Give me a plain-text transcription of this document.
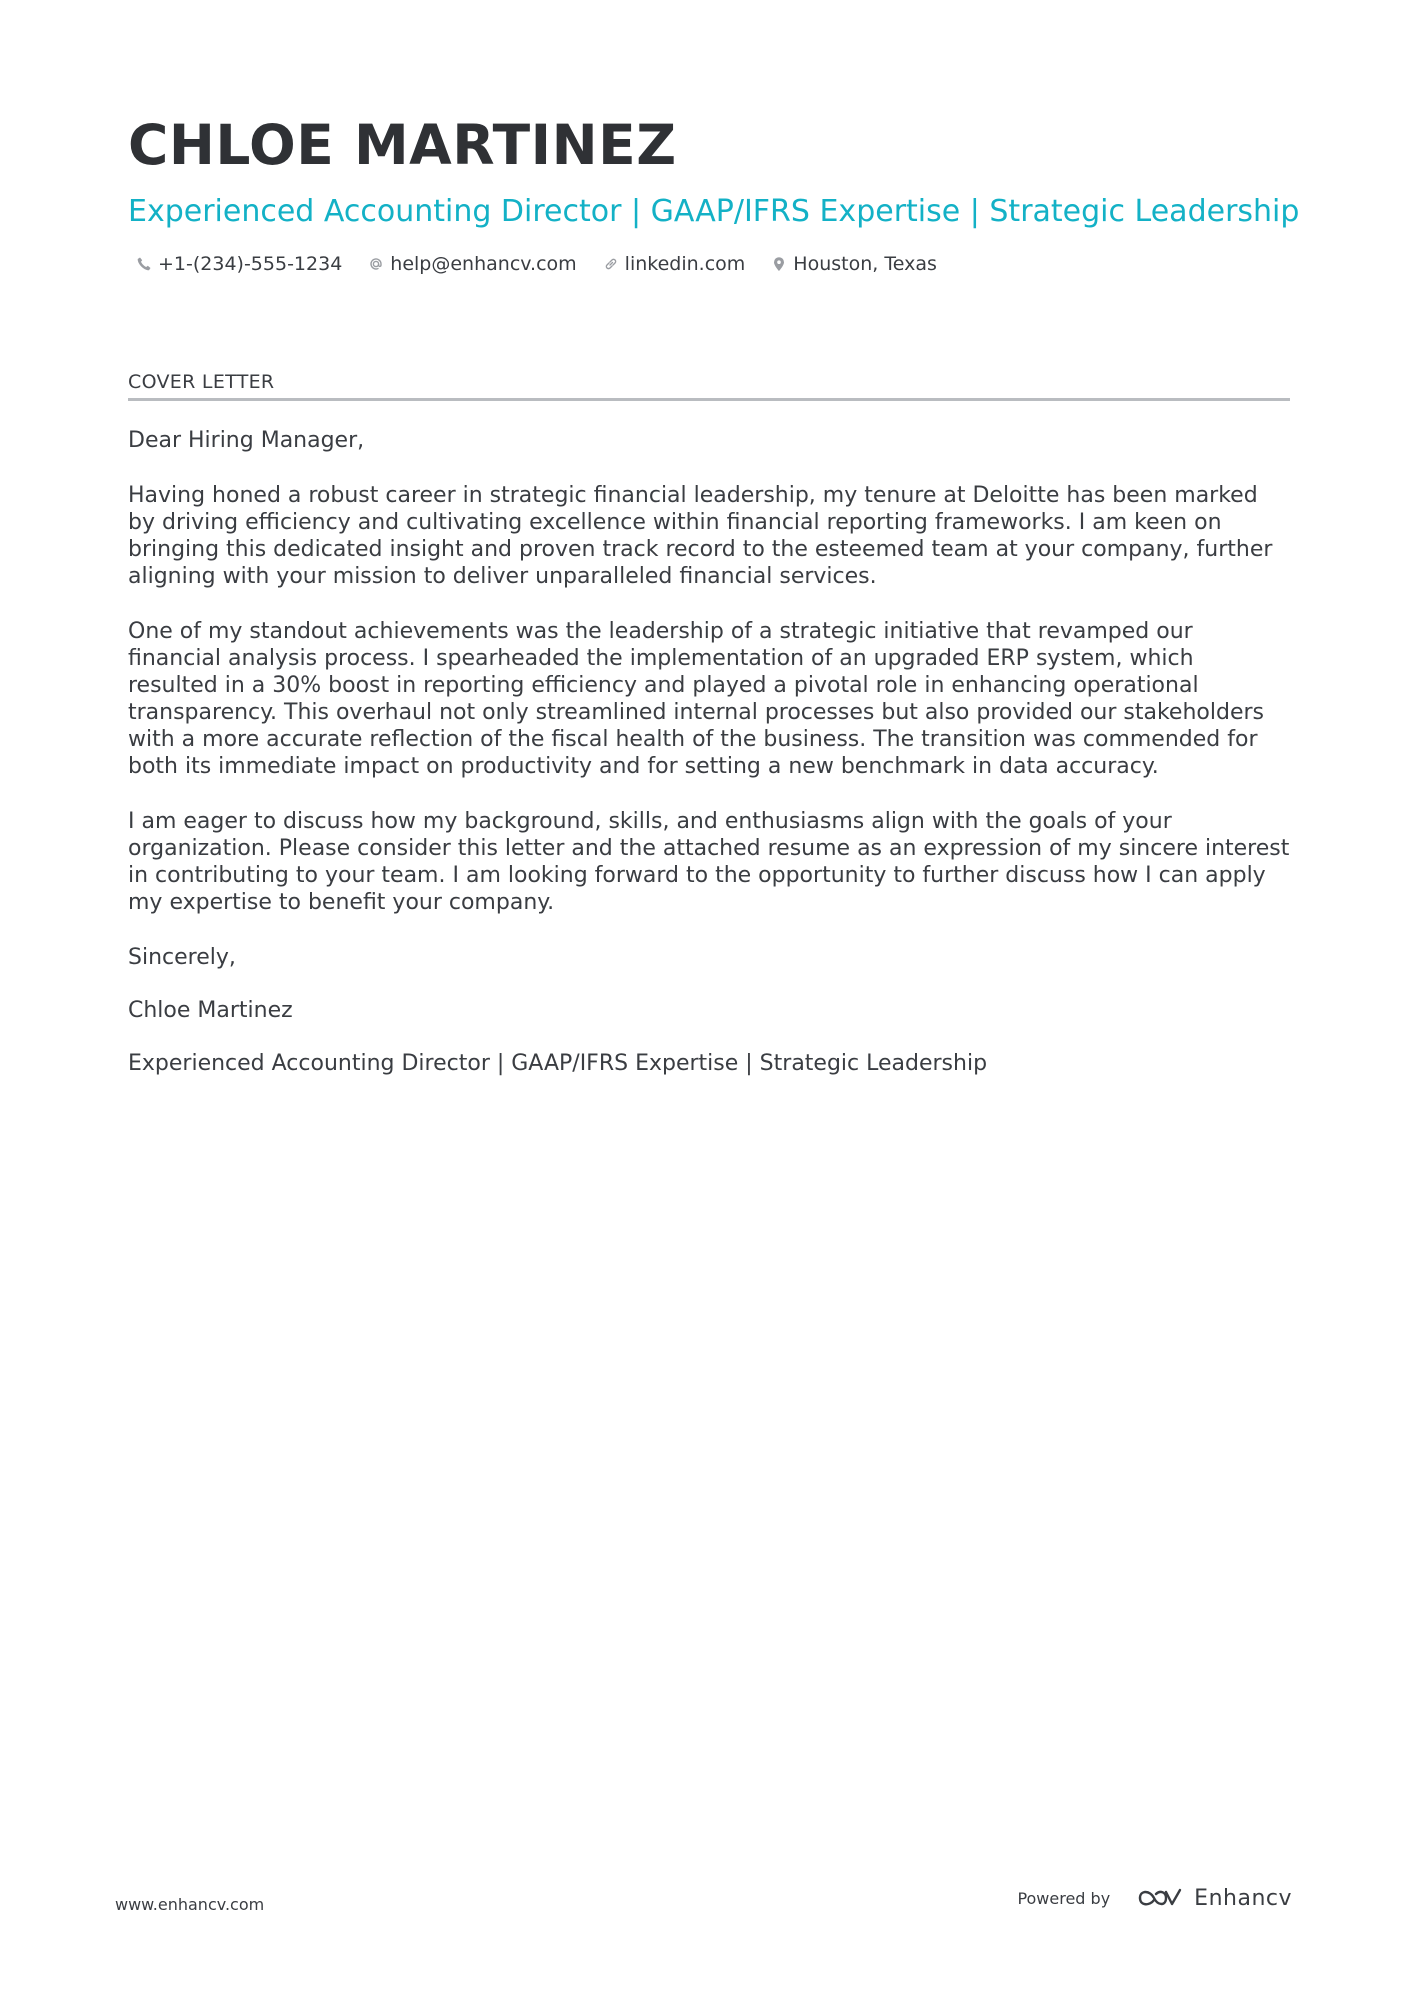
CHLOE MARTINEZ
Experienced Accounting Director | GAAP/IFRS Expertise | Strategic Leadership
+1-(234)-555-1234	help@enhancv.com	linkedin.com	Houston, Texas
COVER LETTER

Dear Hiring Manager,

Having honed a robust career in strategic financial leadership, my tenure at Deloitte has been marked by driving efficiency and cultivating excellence within financial reporting frameworks. I am keen on bringing this dedicated insight and proven track record to the esteemed team at your company, further aligning with your mission to deliver unparalleled financial services.

One of my standout achievements was the leadership of a strategic initiative that revamped our financial analysis process. I spearheaded the implementation of an upgraded ERP system, which resulted in a 30% boost in reporting efficiency and played a pivotal role in enhancing operational transparency. This overhaul not only streamlined internal processes but also provided our stakeholders with a more accurate reflection of the fiscal health of the business. The transition was commended for both its immediate impact on productivity and for setting a new benchmark in data accuracy.

I am eager to discuss how my background, skills, and enthusiasms align with the goals of your organization. Please consider this letter and the attached resume as an expression of my sincere interest in contributing to your team. I am looking forward to the opportunity to further discuss how I can apply my expertise to benefit your company.

Sincerely,

Chloe Martinez

Experienced Accounting Director | GAAP/IFRS Expertise | Strategic Leadership

www.enhancv.com	Powered by	Enhancv
